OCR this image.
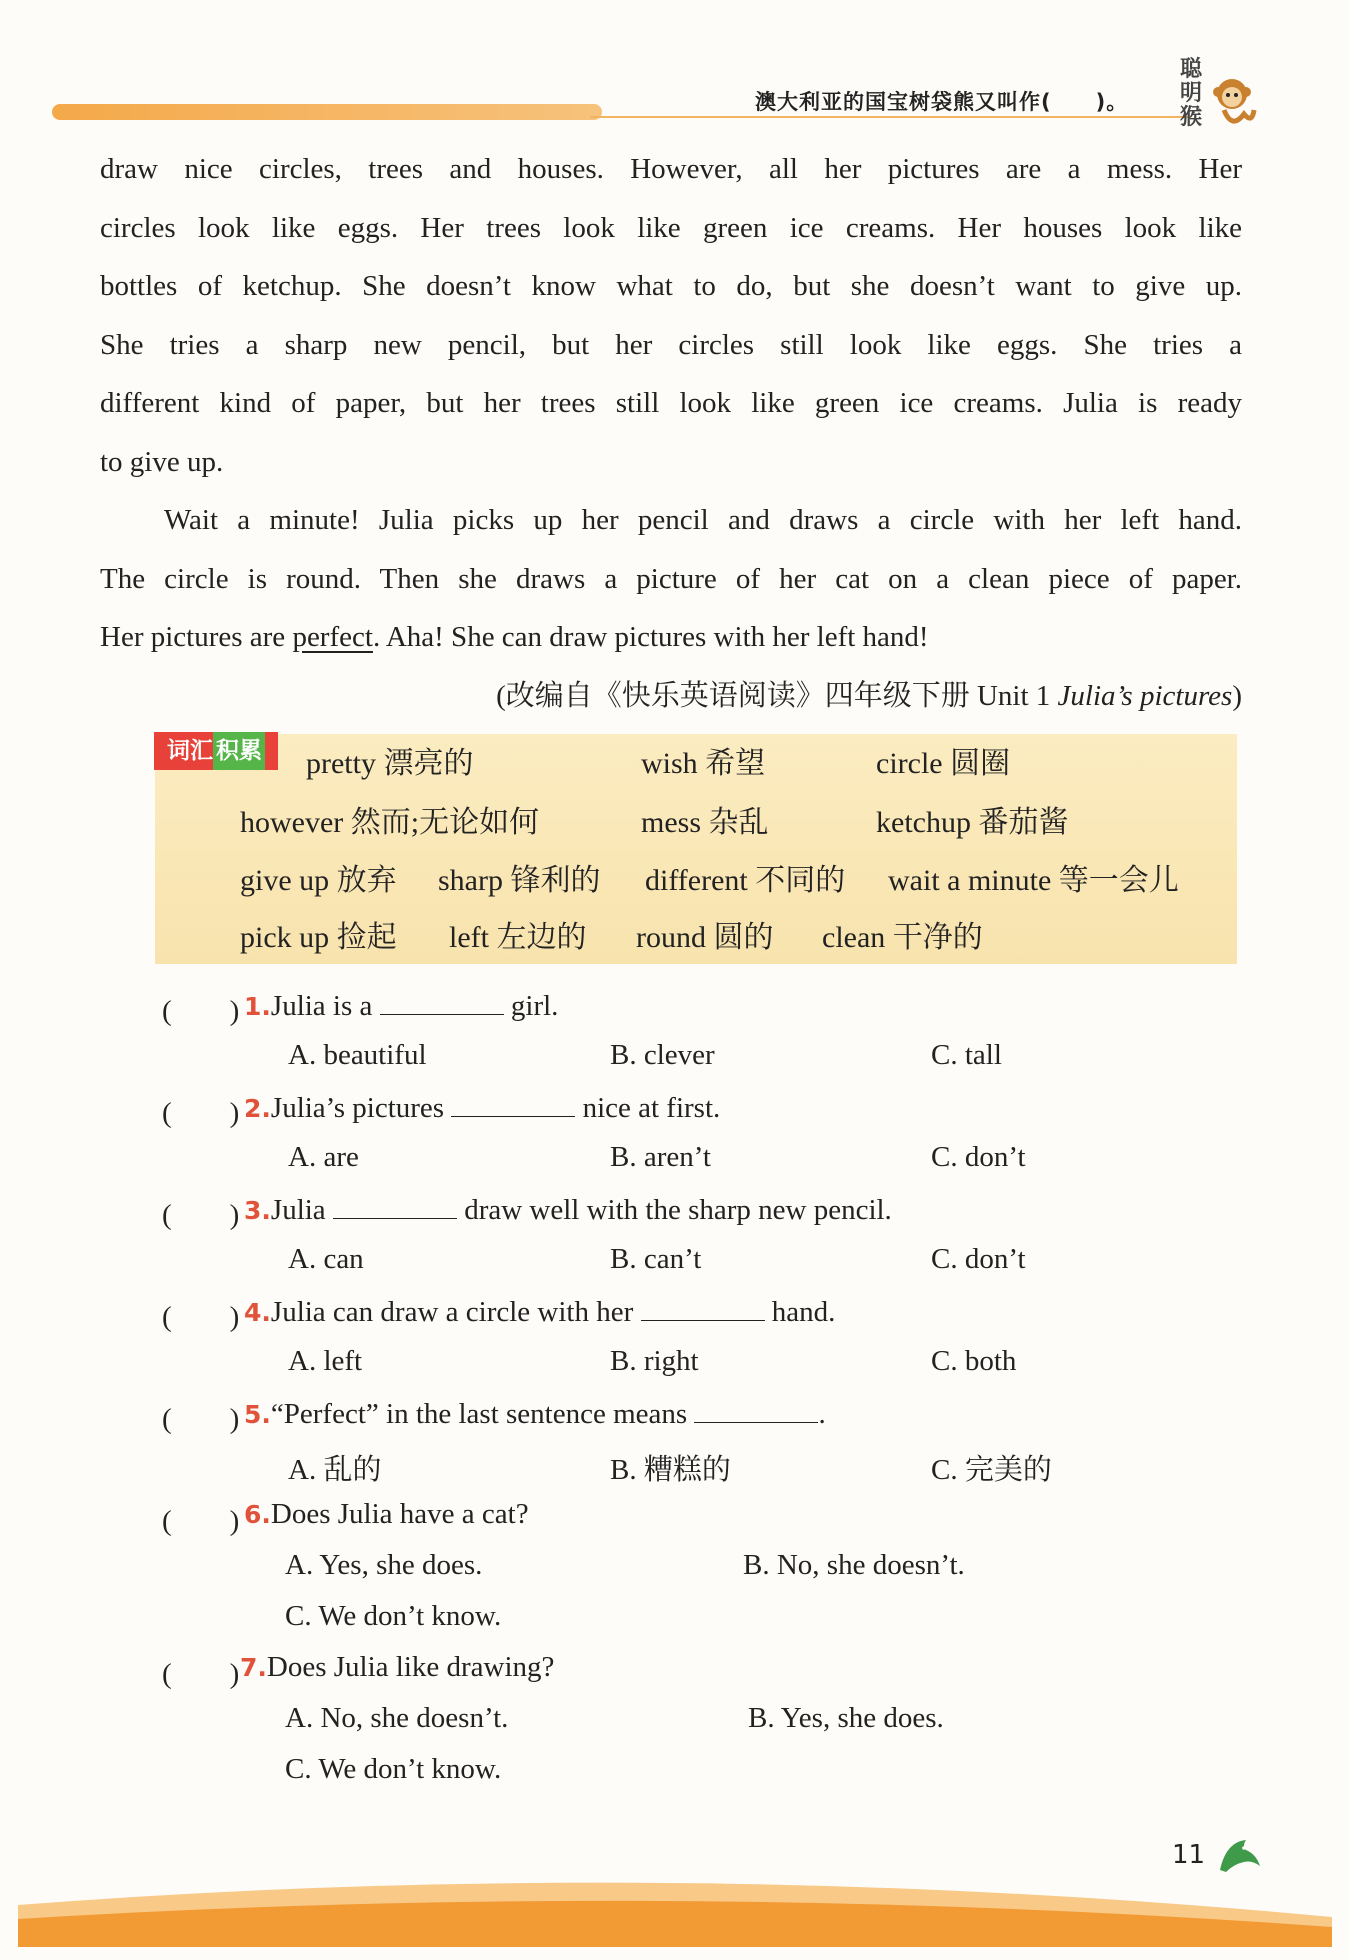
澳大利亚的国宝树袋熊又叫作(　　)。
聪
明
猴

draw nice circles, trees and houses. However, all her pictures are a mess. Her

circles look like eggs. Her trees look like green ice creams. Her houses look like

bottles of ketchup. She doesn’t know what to do, but she doesn’t want to give up.

She tries a sharp new pencil, but her circles still look like eggs. She tries a

different kind of paper, but her trees still look like green ice creams. Julia is ready

to give up.

Wait a minute! Julia picks up her pencil and draws a circle with her left hand.

The circle is round. Then she draws a picture of her cat on a clean piece of paper.

Her pictures are perfect. Aha! She can draw pictures with her left hand!

(改编自《快乐英语阅读》四年级下册 Unit 1 Julia’s pictures)
词汇 积累	pretty 漂亮的	wish 希望	circle 圆圈
however 然而;无论如何	mess 杂乱	ketchup 番茄酱
give up 放弃 sharp 锋利的 different 不同的 wait a minute 等一会儿
pick up 捡起 left 左边的 round 圆的 clean 干净的
(　　) 1.Julia is a	girl.
A. beautiful	B. clever	C. tall
(　　) 2.Julia’s pictures	nice at first.
A. are	B. aren’t	C. don’t
(　　) 3.Julia	draw well with the sharp new pencil.
A. can	B. can’t	C. don’t
(　　) 4.Julia can draw a circle with her	hand.
A. left	B. right	C. both
(　　) 5.“Perfect” in the last sentence means	.
A. 乱的	B. 糟糕的	C. 完美的
(　　) 6.Does Julia have a cat?
A. Yes, she does.	B. No, she doesn’t.
C. We don’t know.
(　　) 7.Does Julia like drawing?
A. No, she doesn’t.	B. Yes, she does.
C. We don’t know.
11
